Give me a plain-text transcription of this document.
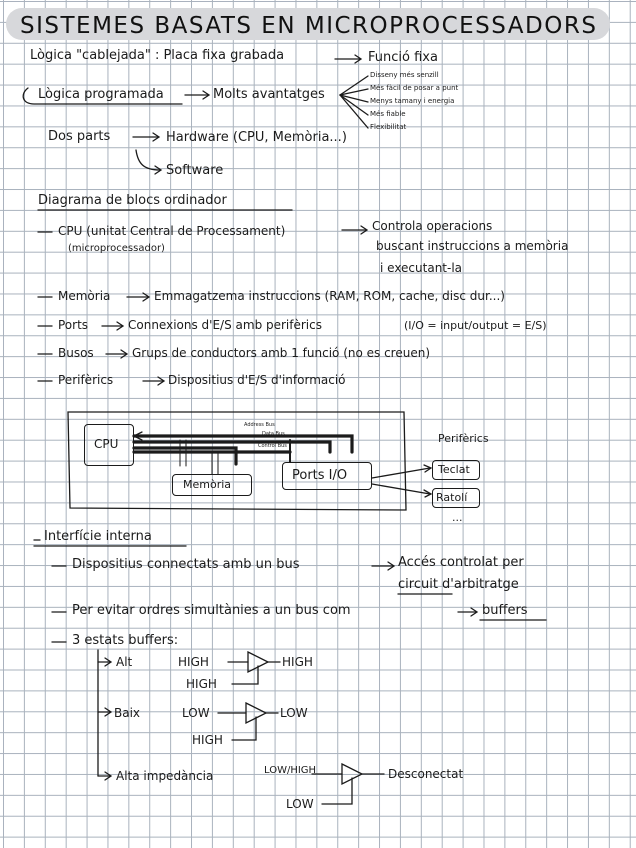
SISTEMES BASATS EN MICROPROCESSADORS
Lògica "cablejada" : Placa fixa grabada	Funció fixa
Lògica programada	Molts avantatges
Disseny més senzill
Més fàcil de posar a punt
Menys tamany i energia
Més fiable
Flexibilitat
Dos parts	Hardware (CPU, Memòria...)
Software
Diagrama de blocs ordinador
CPU (unitat Central de Processament)
(microprocessador)
Controla operacions
buscant instruccions a memòria
i executant-la
Memòria	Emmagatzema instruccions (RAM, ROM, cache, disc dur...)
Ports	Connexions d'E/S amb perifèrics	(I/O = input/output = E/S)
Busos	Grups de conductors amb 1 funció (no es creuen)
Perifèrics	Dispositius d'E/S d'informació
CPU
Memòria
Ports I/O
Address Bus
Data Bus
Control Bus
Perifèrics
Teclat
Ratolí
...
Interfície interna
Dispositius connectats amb un bus	Accés controlat per
circuit d'arbitratge
Per evitar ordres simultànies a un bus com	buffers
3 estats buffers:
Alt	HIGH
HIGH
HIGH
Baix	LOW
HIGH
LOW
Alta impedància	LOW/HIGH
LOW
Desconectat
